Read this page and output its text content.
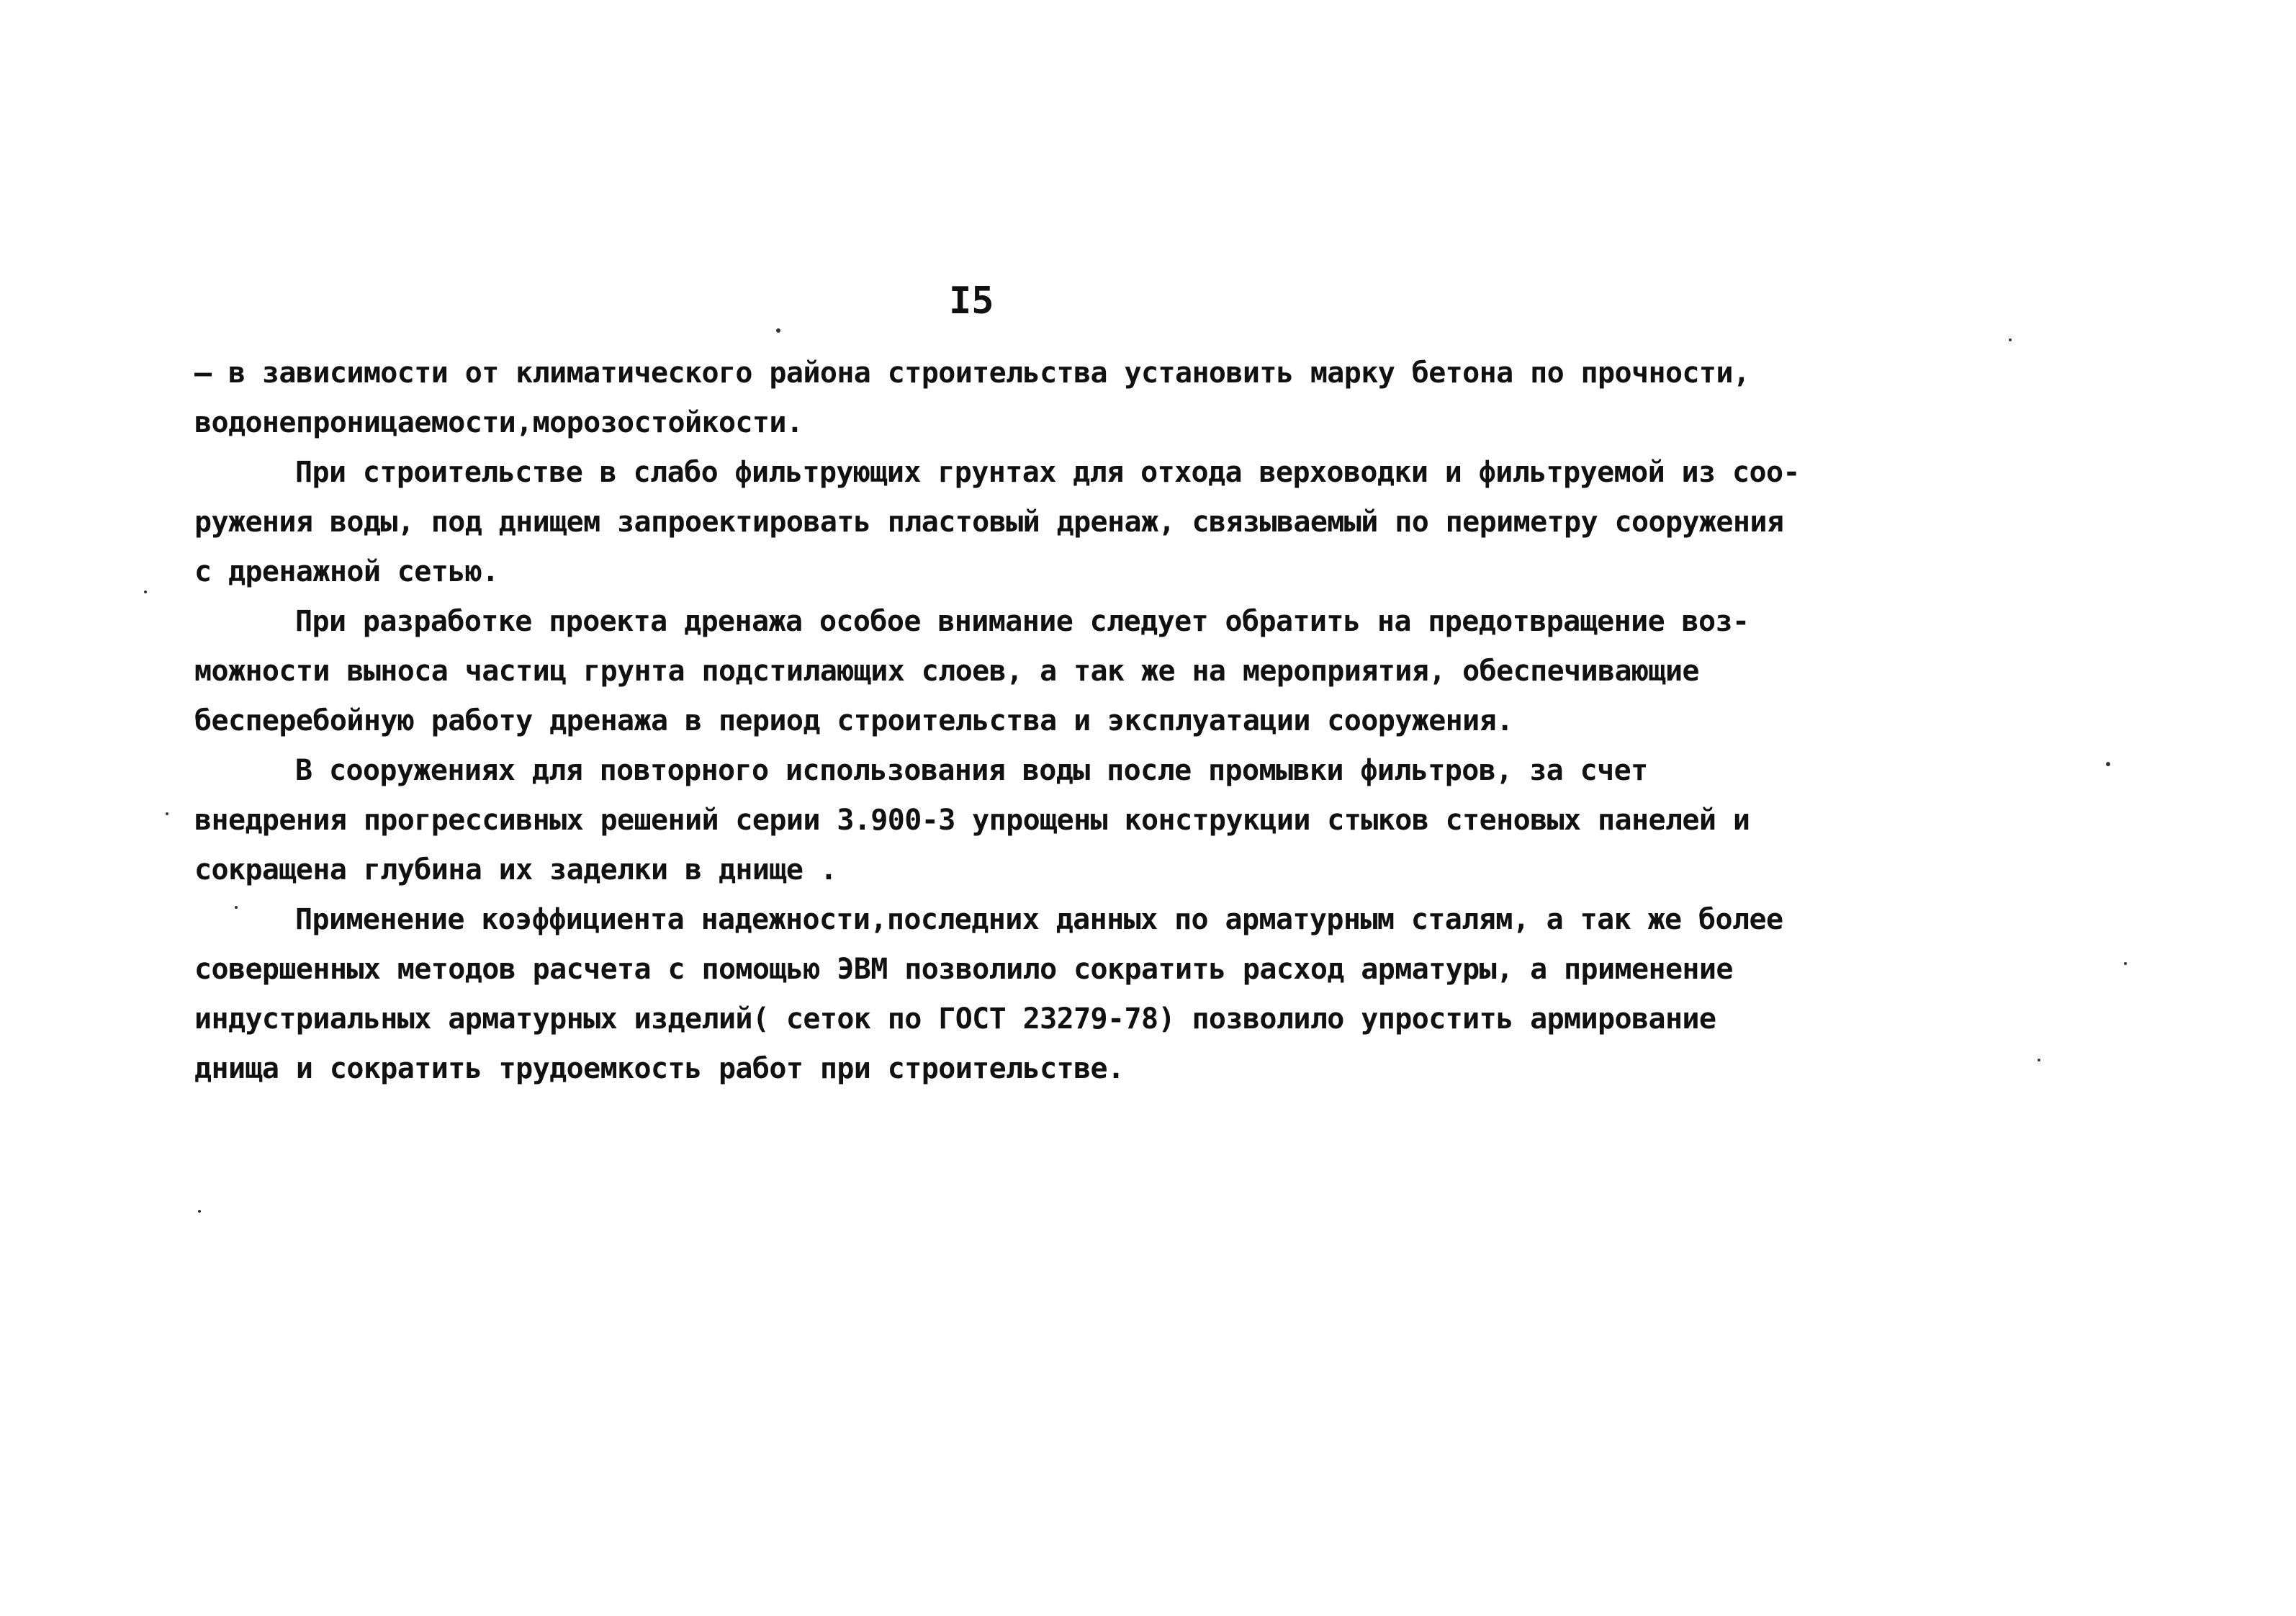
I5
— в зависимости от климатического района строительства установить марку бетона по прочности,
водонепроницаемости,морозостойкости.
При строительстве в слабо фильтрующих грунтах для отхода верховодки и фильтруемой из соо-
ружения воды, под днищем запроектировать пластовый дренаж, связываемый по периметру сооружения
с дренажной сетью.
При разработке проекта дренажа особое внимание следует обратить на предотвращение воз-
можности выноса частиц грунта подстилающих слоев, а так же на мероприятия, обеспечивающие
бесперебойную работу дренажа в период строительства и эксплуатации сооружения.
В сооружениях для повторного использования воды после промывки фильтров, за счет
внедрения прогрессивных решений серии 3.900-3 упрощены конструкции стыков стеновых панелей и
сокращена глубина их заделки в днище .
Применение коэффициента надежности,последних данных по арматурным сталям, а так же более
совершенных методов расчета с помощью ЭВМ позволило сократить расход арматуры, а применение
индустриальных арматурных изделий( сеток по ГОСТ 23279-78) позволило упростить армирование
днища и сократить трудоемкость работ при строительстве.
